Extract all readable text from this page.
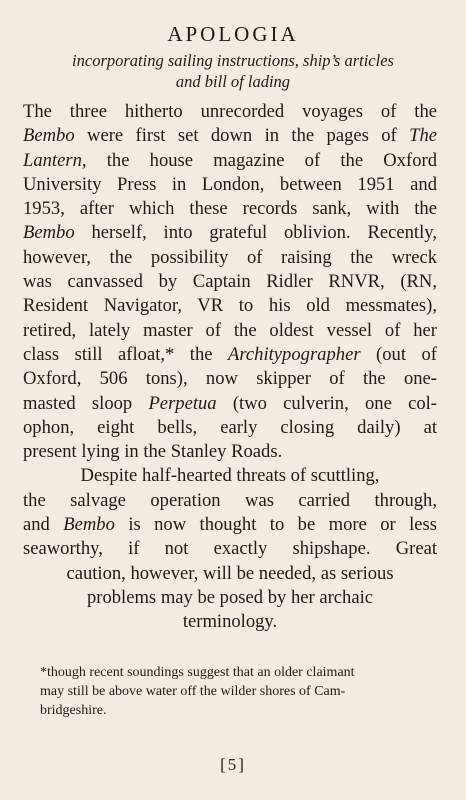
APOLOGIA
incorporating sailing instructions, ship’s articles
and bill of lading
The three hitherto unrecorded voyages of the
Bembo were first set down in the pages of The
Lantern, the house magazine of the Oxford
University Press in London, between 1951 and
1953, after which these records sank, with the
Bembo herself, into grateful oblivion. Recently,
however, the possibility of raising the wreck
was canvassed by Captain Ridler RNVR, (RN,
Resident Navigator, VR to his old messmates),
retired, lately master of the oldest vessel of her
class still afloat,* the Architypographer (out of
Oxford, 506 tons), now skipper of the one-
masted sloop Perpetua (two culverin, one col-
ophon, eight bells, early closing daily) at
present lying in the Stanley Roads.
Despite half-hearted threats of scuttling,
the salvage operation was carried through,
and Bembo is now thought to be more or less
seaworthy, if not exactly shipshape. Great
caution, however, will be needed, as serious
problems may be posed by her archaic
terminology.
*though recent soundings suggest that an older claimant
may still be above water off the wilder shores of Cam-
bridgeshire.
[5]
